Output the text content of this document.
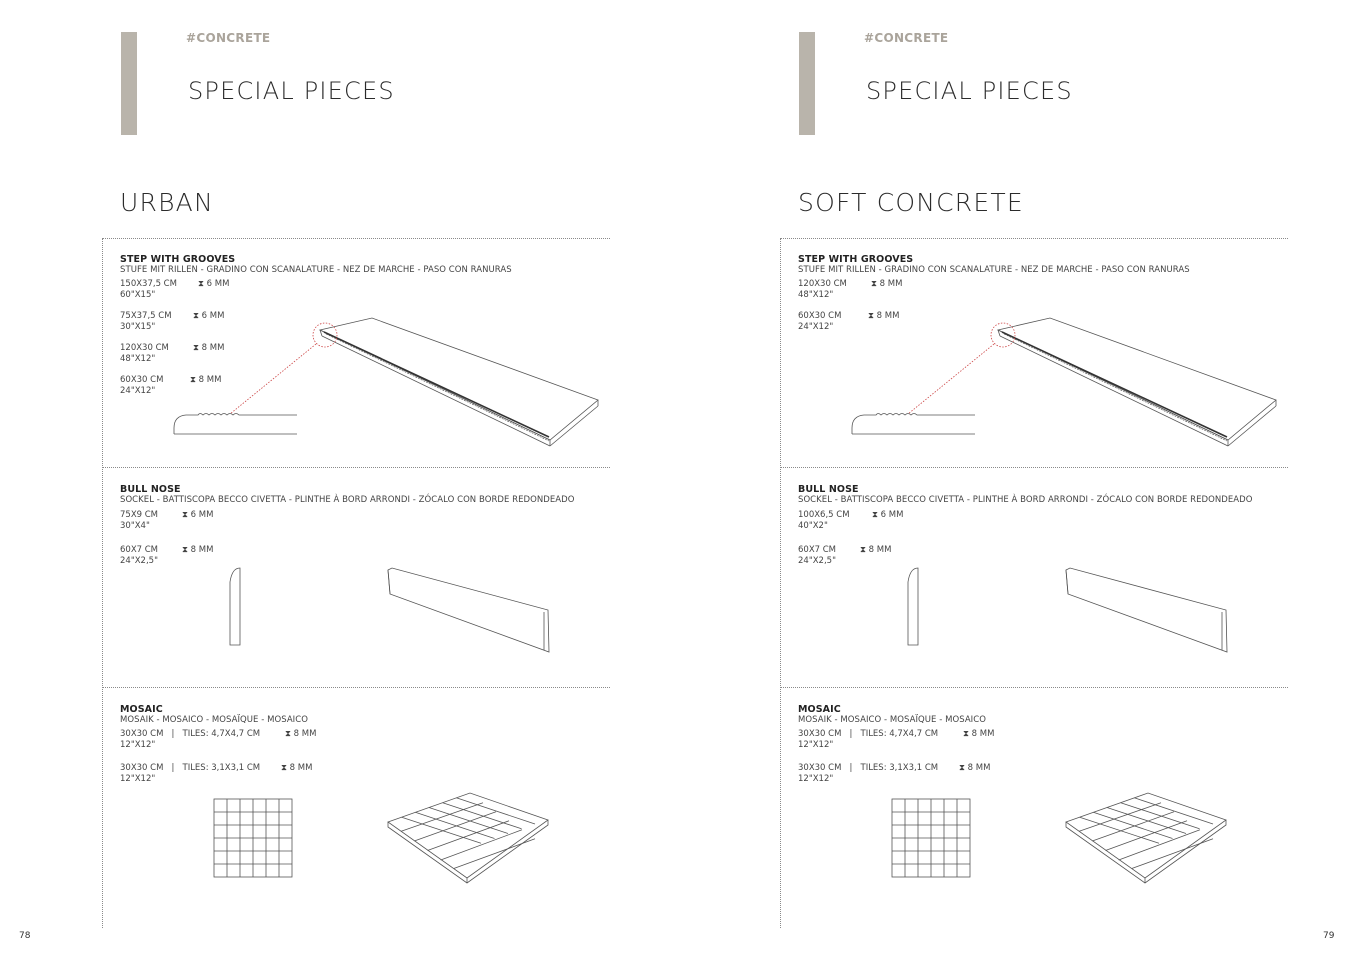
#CONCRETE
SPECIAL PIECES
URBAN
STEP WITH GROOVES
STUFE MIT RILLEN - GRADINO CON SCANALATURE - NEZ DE MARCHE - PASO CON RANURAS
150X37,5 CM
60"X15"
⧗ 6 MM
75X37,5 CM
30"X15"
⧗ 6 MM
120X30 CM
48"X12"
⧗ 8 MM
60X30 CM
24"X12"
⧗ 8 MM
BULL NOSE
SOCKEL - BATTISCOPA BECCO CIVETTA - PLINTHE À BORD ARRONDI - ZÓCALO CON BORDE REDONDEADO
75X9 CM
30"X4"
⧗ 6 MM
60X7 CM
24"X2,5"
⧗ 8 MM
MOSAIC
MOSAIK - MOSAICO - MOSAÏQUE - MOSAICO
30X30 CM   |   TILES: 4,7X4,7 CM
12"X12"
⧗ 8 MM
30X30 CM   |   TILES: 3,1X3,1 CM
12"X12"
⧗ 8 MM
78
#CONCRETE
SPECIAL PIECES
SOFT CONCRETE
STEP WITH GROOVES
STUFE MIT RILLEN - GRADINO CON SCANALATURE - NEZ DE MARCHE - PASO CON RANURAS
120X30 CM
48"X12"
⧗ 8 MM
60X30 CM
24"X12"
⧗ 8 MM
BULL NOSE
SOCKEL - BATTISCOPA BECCO CIVETTA - PLINTHE À BORD ARRONDI - ZÓCALO CON BORDE REDONDEADO
100X6,5 CM
40"X2"
⧗ 6 MM
60X7 CM
24"X2,5"
⧗ 8 MM
MOSAIC
MOSAIK - MOSAICO - MOSAÏQUE - MOSAICO
30X30 CM   |   TILES: 4,7X4,7 CM
12"X12"
⧗ 8 MM
30X30 CM   |   TILES: 3,1X3,1 CM
12"X12"
⧗ 8 MM
79
